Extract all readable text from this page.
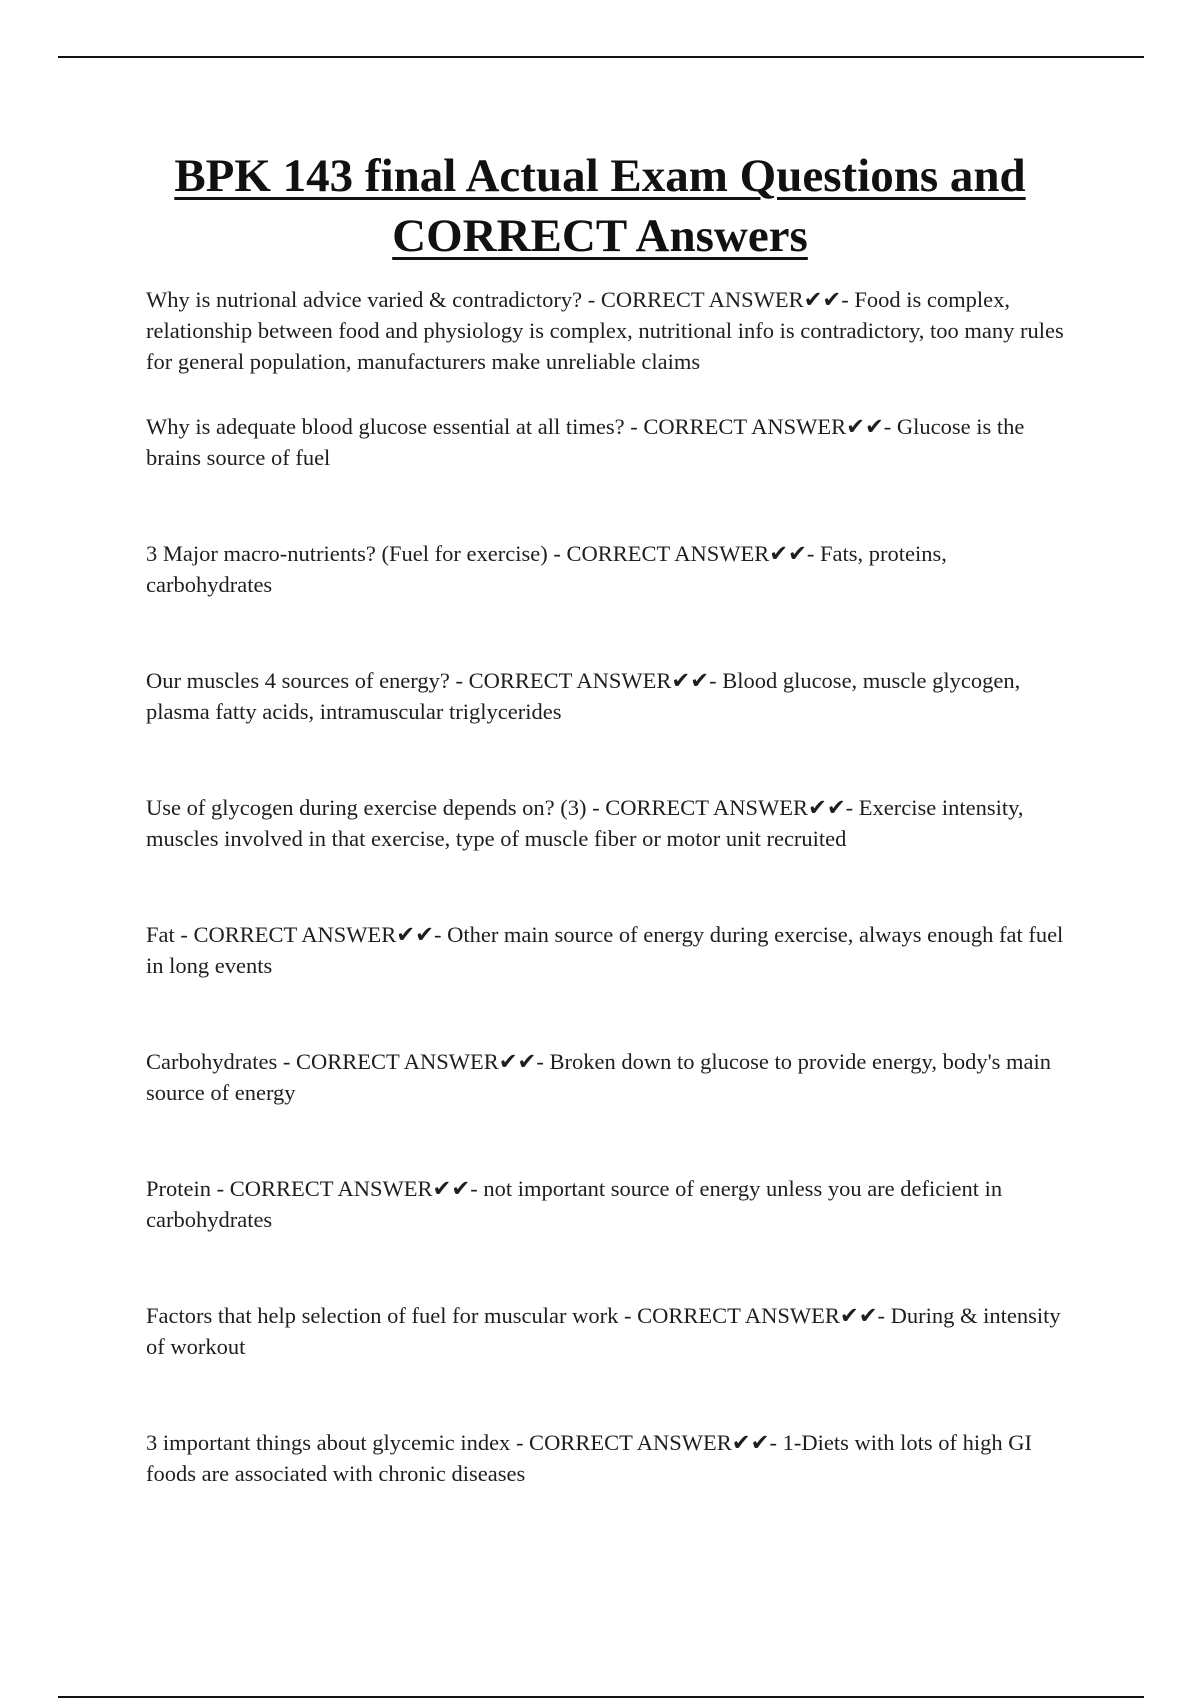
BPK 143 final Actual Exam Questions and CORRECT Answers
Why is nutrional advice varied & contradictory? - CORRECT ANSWER✔✔- Food is complex, relationship between food and physiology is complex, nutritional info is contradictory, too many rules for general population, manufacturers make unreliable claims
Why is adequate blood glucose essential at all times? - CORRECT ANSWER✔✔- Glucose is the brains source of fuel
3 Major macro-nutrients? (Fuel for exercise) - CORRECT ANSWER✔✔- Fats, proteins, carbohydrates
Our muscles 4 sources of energy? - CORRECT ANSWER✔✔- Blood glucose, muscle glycogen, plasma fatty acids, intramuscular triglycerides
Use of glycogen during exercise depends on? (3) - CORRECT ANSWER✔✔- Exercise intensity, muscles involved in that exercise, type of muscle fiber or motor unit recruited
Fat - CORRECT ANSWER✔✔- Other main source of energy during exercise, always enough fat fuel in long events
Carbohydrates - CORRECT ANSWER✔✔- Broken down to glucose to provide energy, body's main source of energy
Protein - CORRECT ANSWER✔✔- not important source of energy unless you are deficient in carbohydrates
Factors that help selection of fuel for muscular work - CORRECT ANSWER✔✔- During & intensity of workout
3 important things about glycemic index - CORRECT ANSWER✔✔- 1-Diets with lots of high GI foods are associated with chronic diseases
